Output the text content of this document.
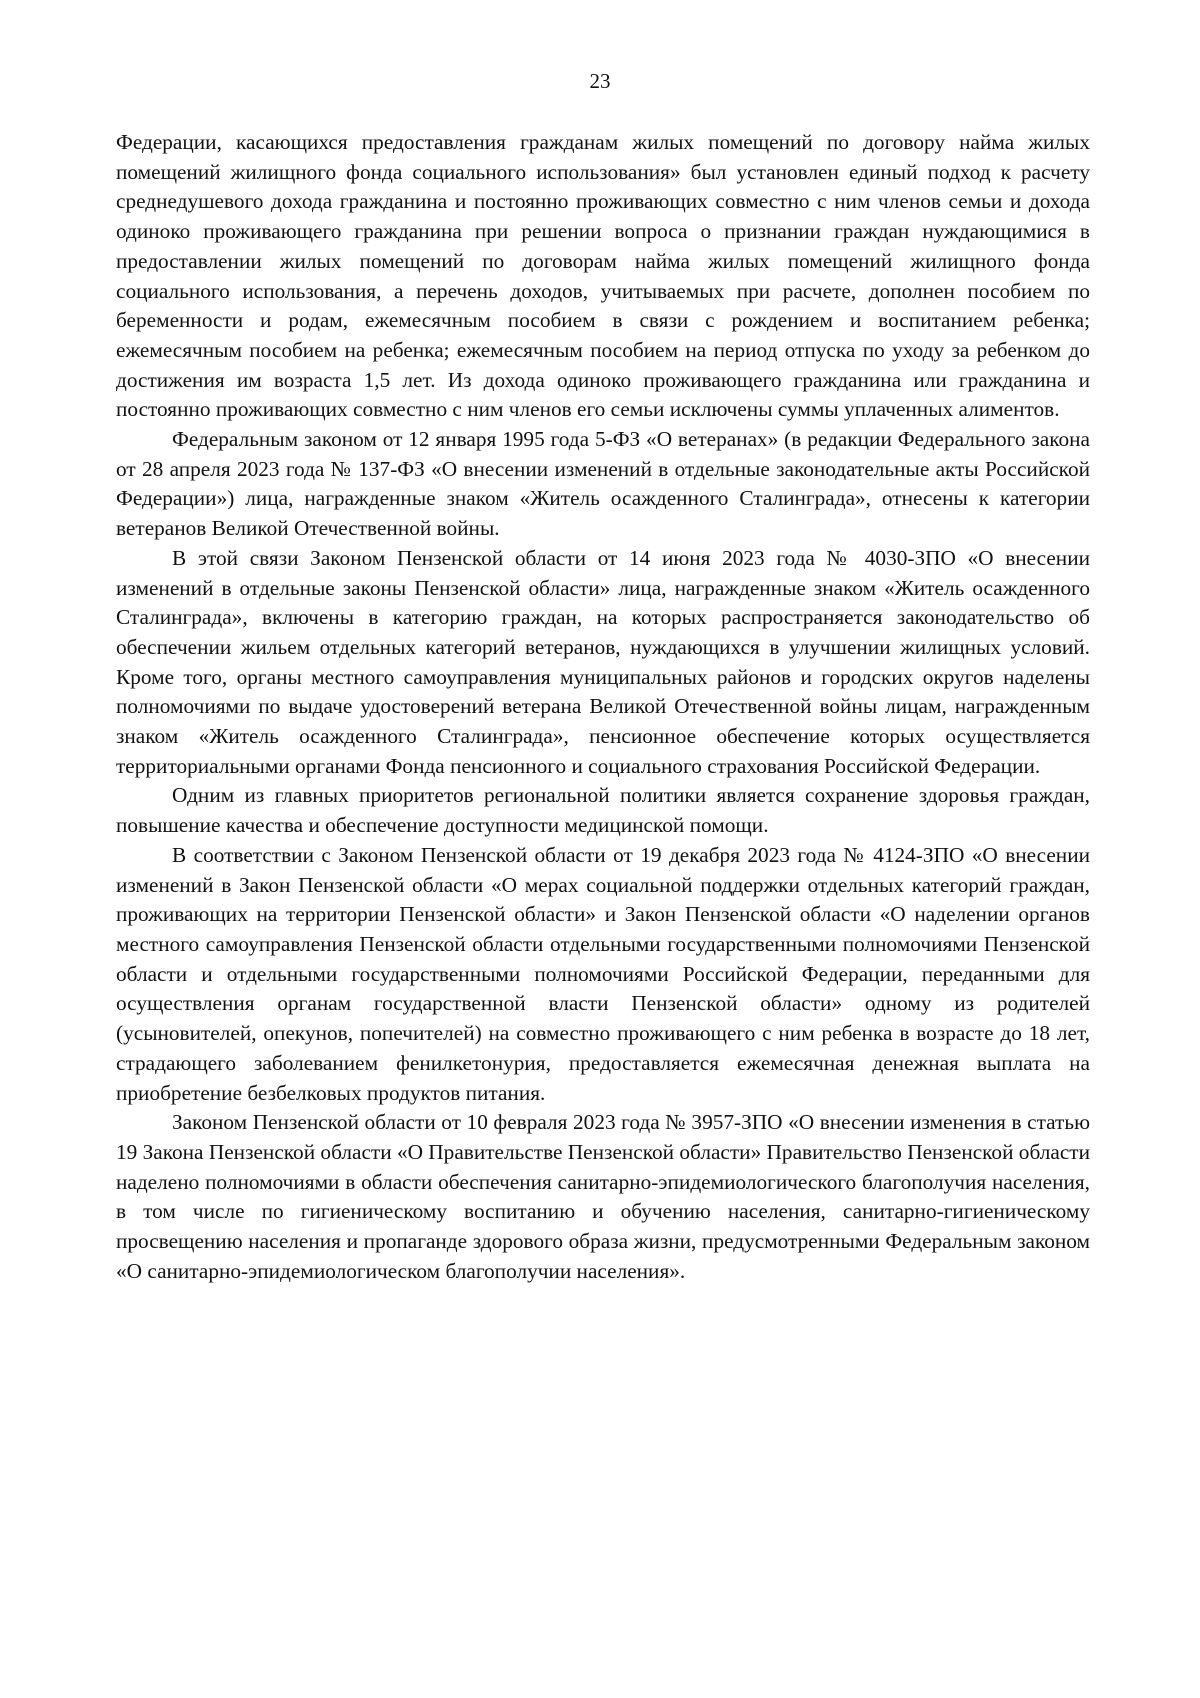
23

Федерации, касающихся предоставления гражданам жилых помещений по договору найма жилых помещений жилищного фонда социального использования» был установлен единый подход к расчету среднедушевого дохода гражданина и постоянно проживающих совместно с ним членов семьи и дохода одиноко проживающего гражданина при решении вопроса о признании граждан нуждающимися в предоставлении жилых помещений по договорам найма жилых помещений жилищного фонда социального использования, а перечень доходов, учитываемых при расчете, дополнен пособием по беременности и родам, ежемесячным пособием в связи с рождением и воспитанием ребенка; ежемесячным пособием на ребенка; ежемесячным пособием на период отпуска по уходу за ребенком до достижения им возраста 1,5 лет. Из дохода одиноко проживающего гражданина или гражданина и постоянно проживающих совместно с ним членов его семьи исключены суммы уплаченных алиментов.

Федеральным законом от 12 января 1995 года 5-ФЗ «О ветеранах» (в редакции Федерального закона от 28 апреля 2023 года № 137-ФЗ «О внесении изменений в отдельные законодательные акты Российской Федерации») лица, награжденные знаком «Житель осажденного Сталинграда», отнесены к категории ветеранов Великой Отечественной войны.

В этой связи Законом Пензенской области от 14 июня 2023 года № 4030-ЗПО «О внесении изменений в отдельные законы Пензенской области» лица, награжденные знаком «Житель осажденного Сталинграда», включены в категорию граждан, на которых распространяется законодательство об обеспечении жильем отдельных категорий ветеранов, нуждающихся в улучшении жилищных условий. Кроме того, органы местного самоуправления муниципальных районов и городских округов наделены полномочиями по выдаче удостоверений ветерана Великой Отечественной войны лицам, награжденным знаком «Житель осажденного Сталинграда», пенсионное обеспечение которых осуществляется территориальными органами Фонда пенсионного и социального страхования Российской Федерации.

Одним из главных приоритетов региональной политики является сохранение здоровья граждан, повышение качества и обеспечение доступности медицинской помощи.

В соответствии с Законом Пензенской области от 19 декабря 2023 года № 4124-ЗПО «О внесении изменений в Закон Пензенской области «О мерах социальной поддержки отдельных категорий граждан, проживающих на территории Пензенской области» и Закон Пензенской области «О наделении органов местного самоуправления Пензенской области отдельными государственными полномочиями Пензенской области и отдельными государственными полномочиями Российской Федерации, переданными для осуществления органам государственной власти Пензенской области» одному из родителей (усыновителей, опекунов, попечителей) на совместно проживающего с ним ребенка в возрасте до 18 лет, страдающего заболеванием фенилкетонурия, предоставляется ежемесячная денежная выплата на приобретение безбелковых продуктов питания.

Законом Пензенской области от 10 февраля 2023 года № 3957-ЗПО «О внесении изменения в статью 19 Закона Пензенской области «О Правительстве Пензенской области» Правительство Пензенской области наделено полномочиями в области обеспечения санитарно-эпидемиологического благополучия населения, в том числе по гигиеническому воспитанию и обучению населения, санитарно-гигиеническому просвещению населения и пропаганде здорового образа жизни, предусмотренными Федеральным законом «О санитарно-эпидемиологическом благополучии населения».
